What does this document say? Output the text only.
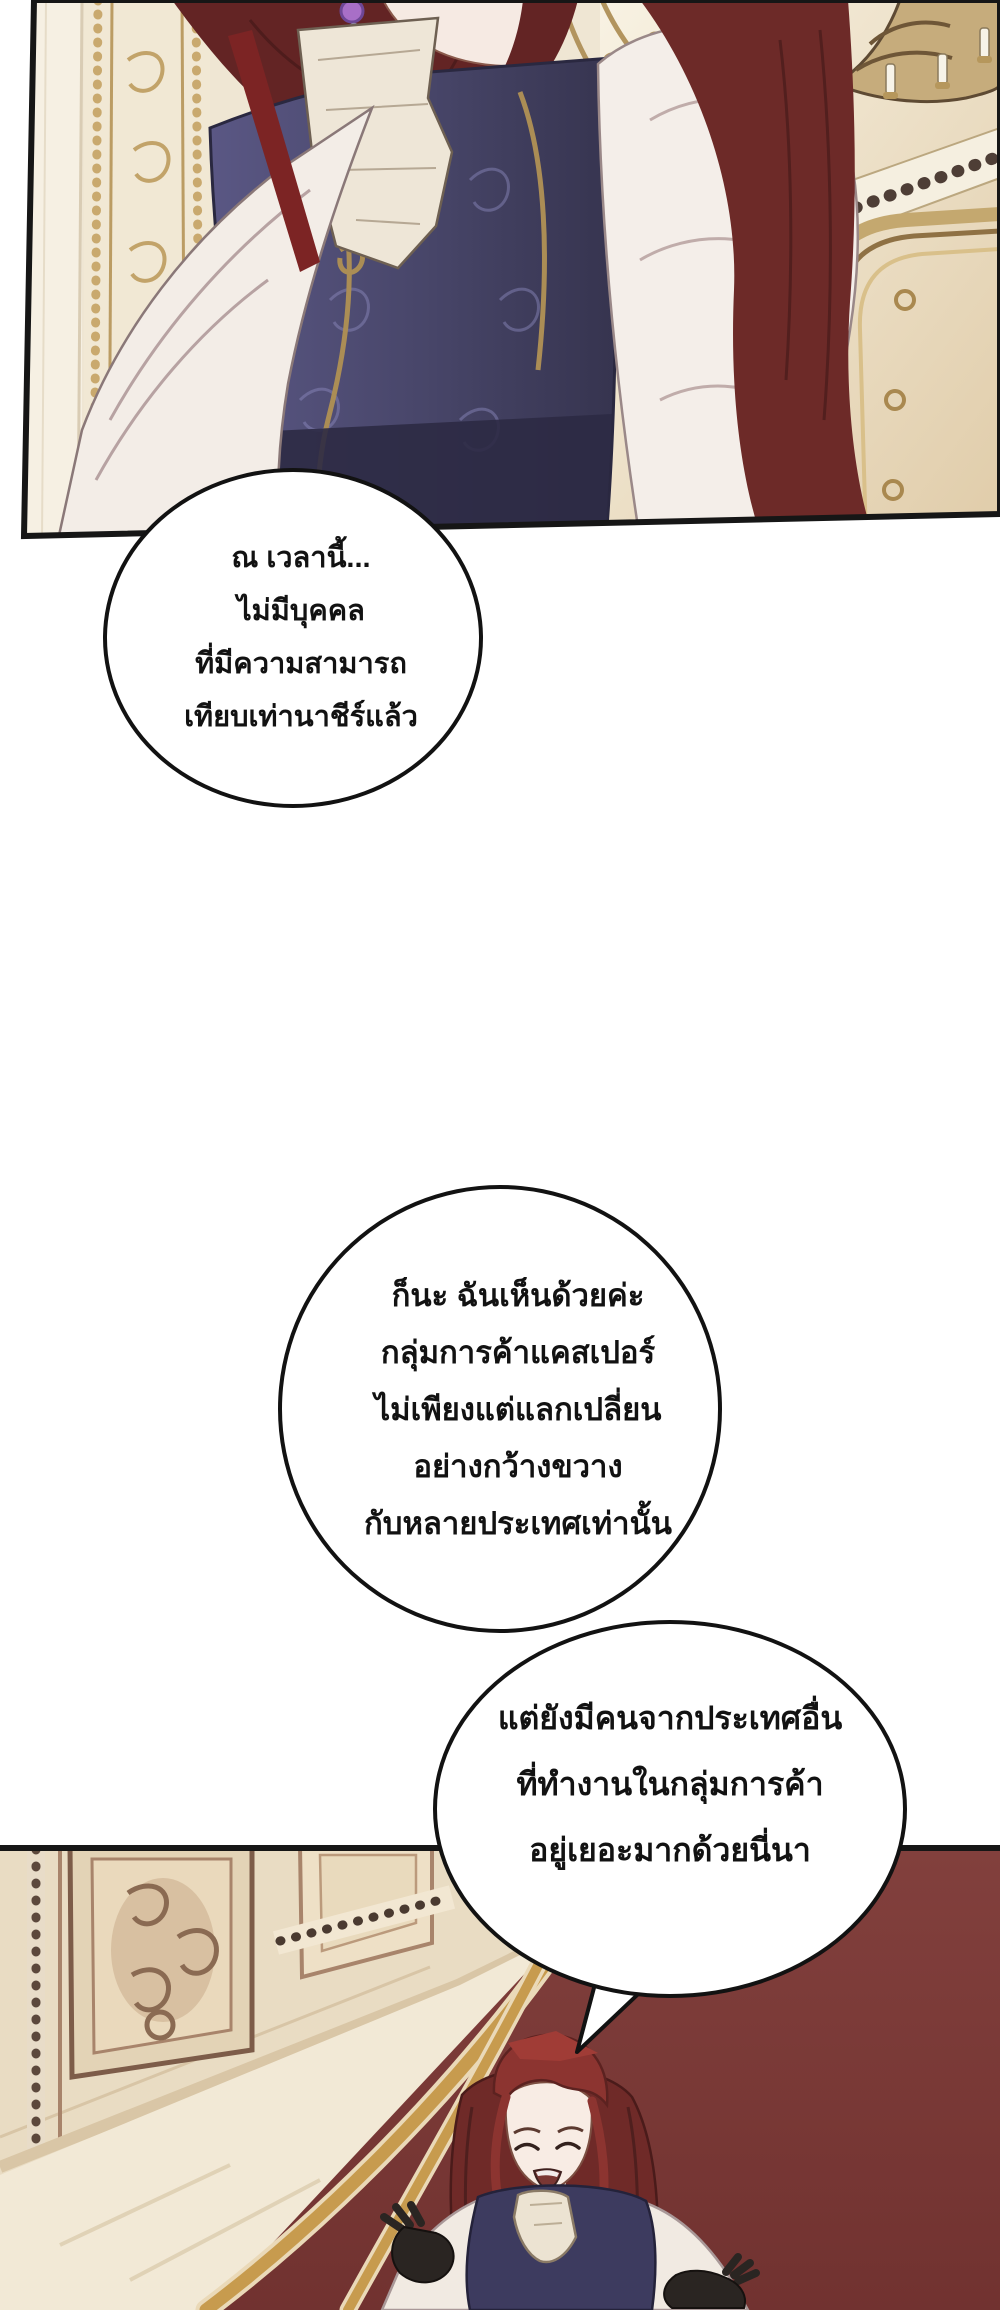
ณ เวลานี้...
ไม่มีบุคคล
ที่มีความสามารถ
เทียบเท่านาชีร์แล้ว
ก็นะ ฉันเห็นด้วยค่ะ
กลุ่มการค้าแคสเปอร์
ไม่เพียงแต่แลกเปลี่ยน
อย่างกว้างขวาง
กับหลายประเทศเท่านั้น
แต่ยังมีคนจากประเทศอื่น
ที่ทำงานในกลุ่มการค้า
อยู่เยอะมากด้วยนี่นา
